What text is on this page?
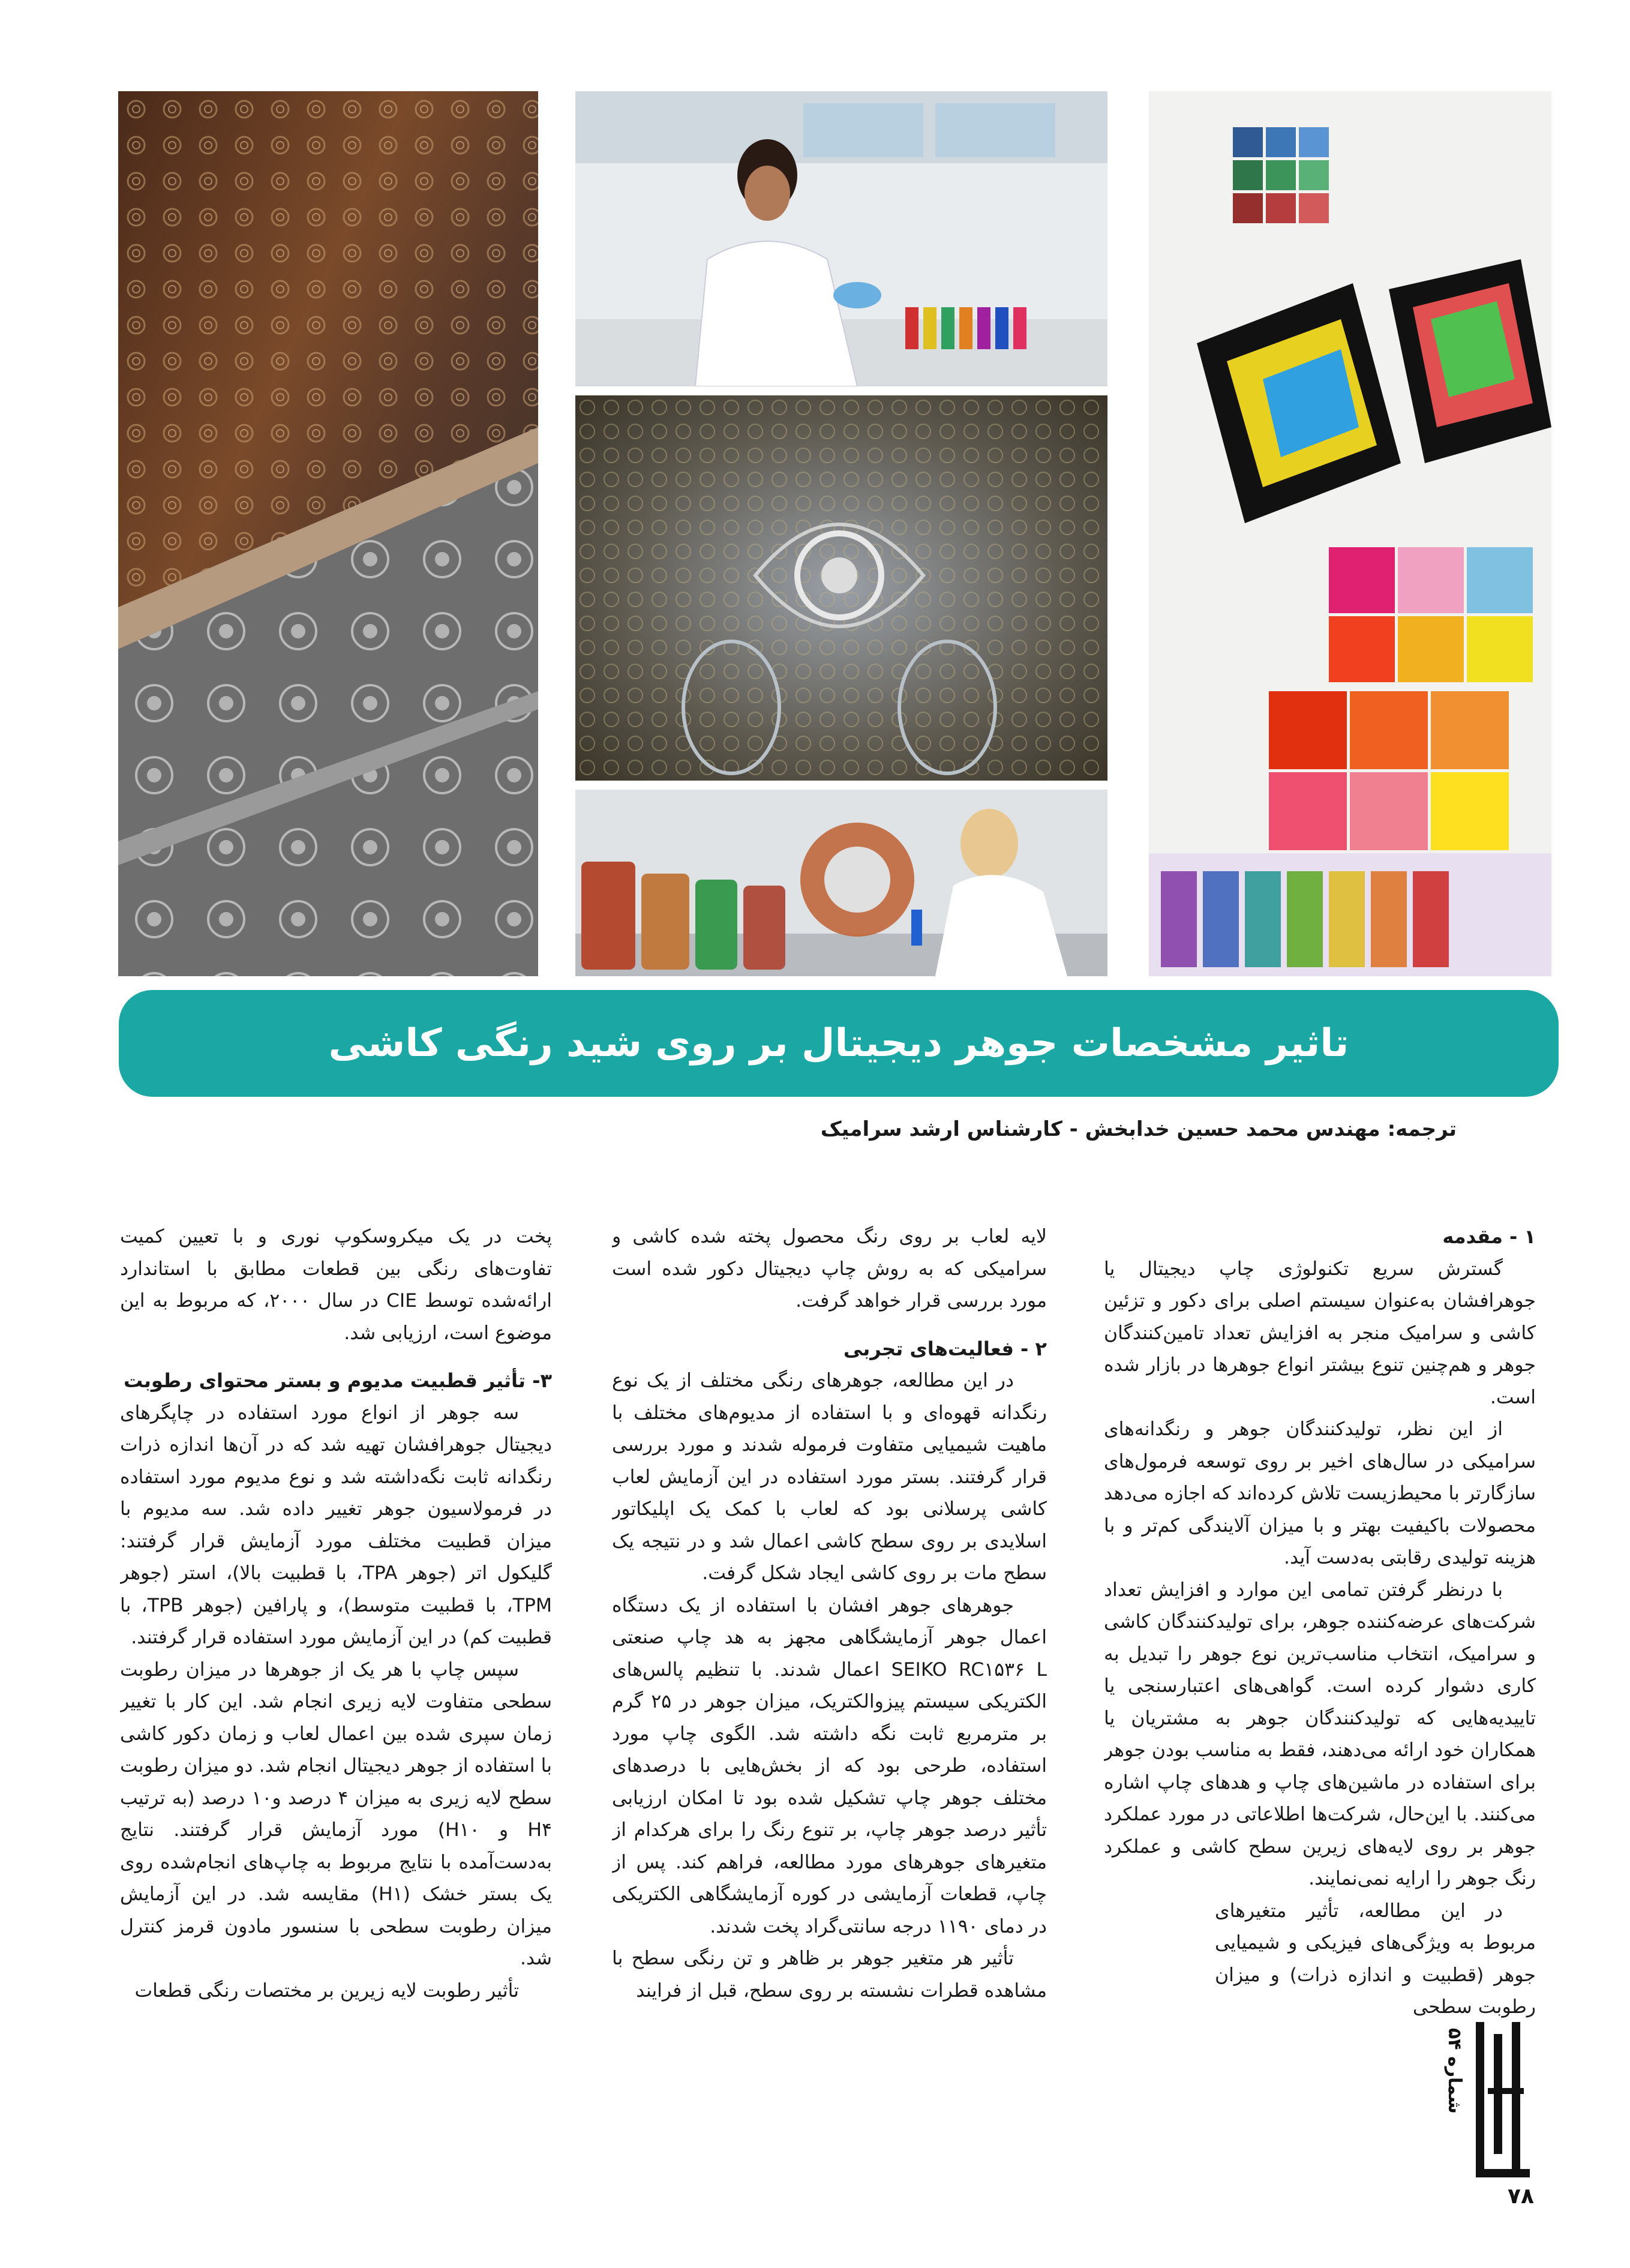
تاثیر مشخصات جوهر دیجیتال بر روی شید رنگی کاشی
ترجمه: مهندس محمد حسین خدابخش - کارشناس ارشد سرامیک
۱ - مقدمه

گسترش سریع تکنولوژی چاپ دیجیتال یا جوهرافشان به‌عنوان سیستم اصلی برای دکور و تزئین کاشی و سرامیک منجر به افزایش تعداد تامین‌کنندگان جوهر و هم‌چنین تنوع بیشتر انواع جوهرها در بازار شده است.

از این نظر، تولیدکنندگان جوهر و رنگدانه‌های سرامیکی در سال‌های اخیر بر روی توسعه فرمول‌های سازگارتر با محیط‌زیست تلاش کرده‌اند که اجازه می‌دهد محصولات باکیفیت بهتر و با میزان آلایندگی کم‌تر و با هزینه تولیدی رقابتی به‌دست آید.

با درنظر گرفتن تمامی این موارد و افزایش تعداد شرکت‌های عرضه‌کننده جوهر، برای تولیدکنندگان کاشی و سرامیک، انتخاب مناسب‌ترین نوع جوهر را تبدیل به کاری دشوار کرده است. گواهی‌های اعتبارسنجی یا تاییدیه‌هایی که تولیدکنندگان جوهر به مشتریان یا همکاران خود ارائه می‌دهند، فقط به مناسب بودن جوهر برای استفاده در ماشین‌های چاپ و هدهای چاپ اشاره می‌کنند. با این‌حال، شرکت‌ها اطلاعاتی در مورد عملکرد جوهر بر روی لایه‌های زیرین سطح کاشی و عملکرد رنگ جوهر را ارایه نمی‌نمایند.

در این مطالعه، تأثیر متغیرهای مربوط به ویژگی‌های فیزیکی و شیمیایی جوهر (قطبیت و اندازه ذرات) و میزان رطوبت سطحی

لایه لعاب بر روی رنگ محصول پخته شده کاشی و سرامیکی که به روش چاپ دیجیتال دکور شده است مورد بررسی قرار خواهد گرفت.

۲ - فعالیت‌های تجربی

در این مطالعه، جوهرهای رنگی مختلف از یک نوع رنگدانه قهوه‌ای و با استفاده از مدیوم‌های مختلف با ماهیت شیمیایی متفاوت فرموله شدند و مورد بررسی قرار گرفتند. بستر مورد استفاده در این آزمایش لعاب کاشی پرسلانی بود که لعاب با کمک یک اپلیکاتور اسلایدی بر روی سطح کاشی اعمال شد و در نتیجه یک سطح مات بر روی کاشی ایجاد شکل گرفت.

جوهرهای جوهر افشان با استفاده از یک دستگاه اعمال جوهر آزمایشگاهی مجهز به هد چاپ صنعتی SEIKO RC۱۵۳۶ L اعمال شدند. با تنظیم پالس‌های الکتریکی سیستم پیزوالکتریک، میزان جوهر در ۲۵ گرم بر مترمربع ثابت نگه داشته شد. الگوی چاپ مورد استفاده، طرحی بود که از بخش‌هایی با درصدهای مختلف جوهر چاپ تشکیل شده بود تا امکان ارزیابی تأثیر درصد جوهر چاپ، بر تنوع رنگ را برای هرکدام از متغیرهای جوهرهای مورد مطالعه، فراهم کند. پس از چاپ، قطعات آزمایشی در کوره آزمایشگاهی الکتریکی در دمای ۱۱۹۰ درجه سانتی‌گراد پخت شدند.

تأثیر هر متغیر جوهر بر ظاهر و تن رنگی سطح با مشاهده قطرات نشسته بر روی سطح، قبل از فرایند

پخت در یک میکروسکوپ نوری و با تعیین کمیت تفاوت‌های رنگی بین قطعات مطابق با استاندارد ارائه‌شده توسط CIE در سال ۲۰۰۰، که مربوط به این موضوع است، ارزیابی شد.

۳- تأثیر قطبیت مدیوم و بستر محتوای رطوبت

سه جوهر از انواع مورد استفاده در چاپگرهای دیجیتال جوهرافشان تهیه شد که در آن‌ها اندازه ذرات رنگدانه ثابت نگه‌داشته شد و نوع مدیوم مورد استفاده در فرمولاسیون جوهر تغییر داده شد. سه مدیوم با میزان قطبیت مختلف مورد آزمایش قرار گرفتند: گلیکول اتر (جوهر TPA، با قطبیت بالا)، استر (جوهر TPM، با قطبیت متوسط)، و پارافین (جوهر TPB، با قطبیت کم) در این آزمایش مورد استفاده قرار گرفتند.

سپس چاپ با هر یک از جوهرها در میزان رطوبت سطحی متفاوت لایه زیری انجام شد. این کار با تغییر زمان سپری شده بین اعمال لعاب و زمان دکور کاشی با استفاده از جوهر دیجیتال انجام شد. دو میزان رطوبت سطح لایه زیری به میزان ۴ درصد و۱۰ درصد (به ترتیب H۴ و H۱۰) مورد آزمایش قرار گرفتند. نتایج به‌دست‌آمده با نتایج مربوط به چاپ‌های انجام‌شده روی یک بستر خشک (H۱) مقایسه شد. در این آزمایش میزان رطوبت سطحی با سنسور مادون قرمز کنترل شد.

تأثیر رطوبت لایه زیرین بر مختصات رنگی قطعات

شماره ۵۴
۷۸
